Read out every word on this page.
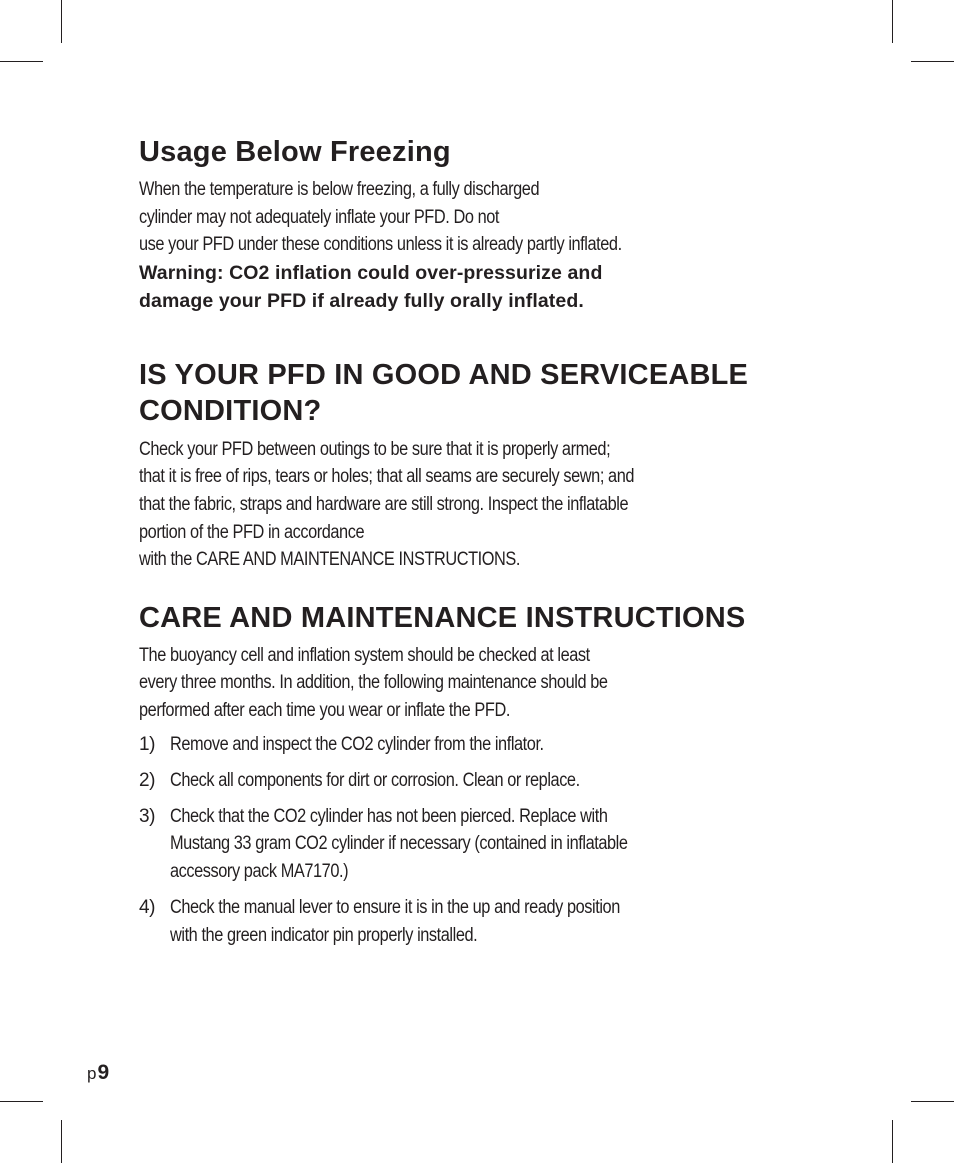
Usage Below Freezing
When the temperature is below freezing, a fully discharged
cylinder may not adequately inflate your PFD. Do not
use your PFD under these conditions unless it is already partly inflated.
Warning: CO2 inflation could over-pressurize and
damage your PFD if already fully orally inflated.
IS YOUR PFD IN GOOD AND SERVICEABLE
CONDITION?
Check your PFD between outings to be sure that it is properly armed;
that it is free of rips, tears or holes; that all seams are securely sewn; and
that the fabric, straps and hardware are still strong. Inspect the inflatable
portion of the PFD in accordance
with the CARE AND MAINTENANCE INSTRUCTIONS.
CARE AND MAINTENANCE INSTRUCTIONS
The buoyancy cell and inflation system should be checked at least
every three months. In addition, the following maintenance should be
performed after each time you wear or inflate the PFD.
1) Remove and inspect the CO2 cylinder from the inflator.
2) Check all components for dirt or corrosion. Clean or replace.
3) Check that the CO2 cylinder has not been pierced. Replace with
Mustang 33 gram CO2 cylinder if necessary (contained in inflatable
accessory pack MA7170.)
4) Check the manual lever to ensure it is in the up and ready position
with the green indicator pin properly installed.
p9
